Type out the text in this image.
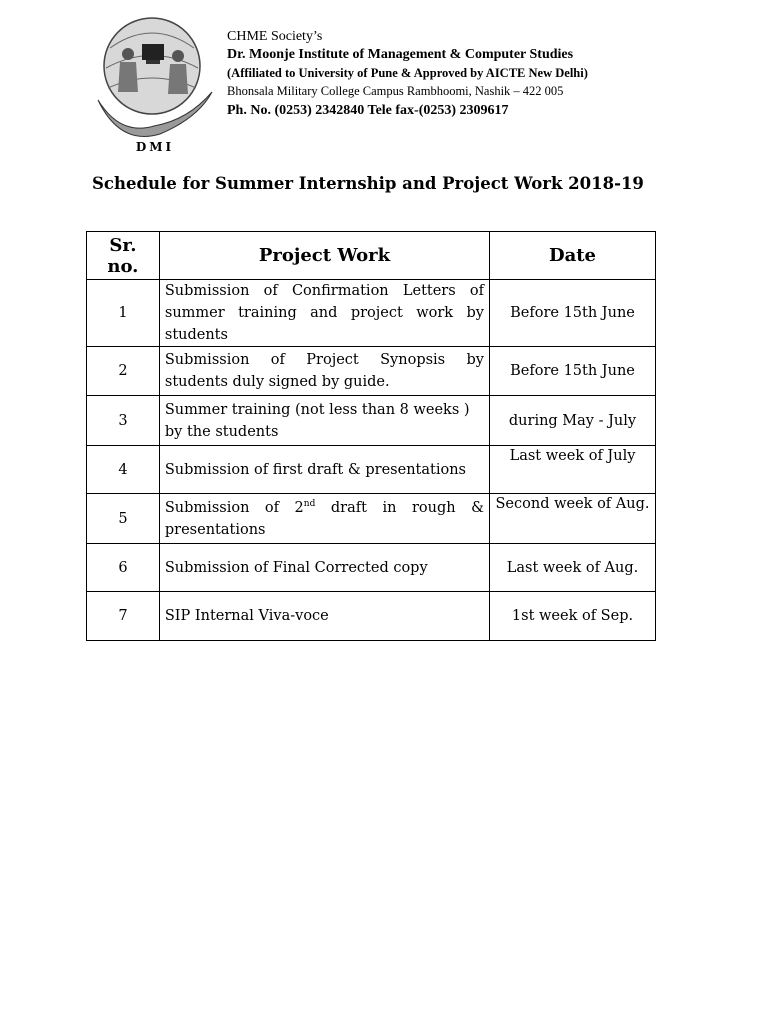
DMI
CHME Society’s
Dr. Moonje Institute of Management & Computer Studies
(Affiliated to University of Pune & Approved by AICTE New Delhi)
Bhonsala Military College Campus Rambhoomi, Nashik – 422 005
Ph. No. (0253) 2342840 Tele fax-(0253) 2309617
Schedule for Summer Internship and Project Work 2018-19
Sr. no.	Project Work	Date
1	Submission of Confirmation Letters of summer training and project work by students	Before 15th June
2	Submission of Project Synopsis by students duly signed by guide.	Before 15th June
3	Summer training (not less than 8 weeks ) by the students	during May - July
4	Submission of first draft & presentations	Last week of July
5	Submission of 2nd draft in rough & presentations	Second week of Aug.
6	Submission of Final Corrected copy	Last week of Aug.
7	SIP Internal Viva-voce	1st week of Sep.
